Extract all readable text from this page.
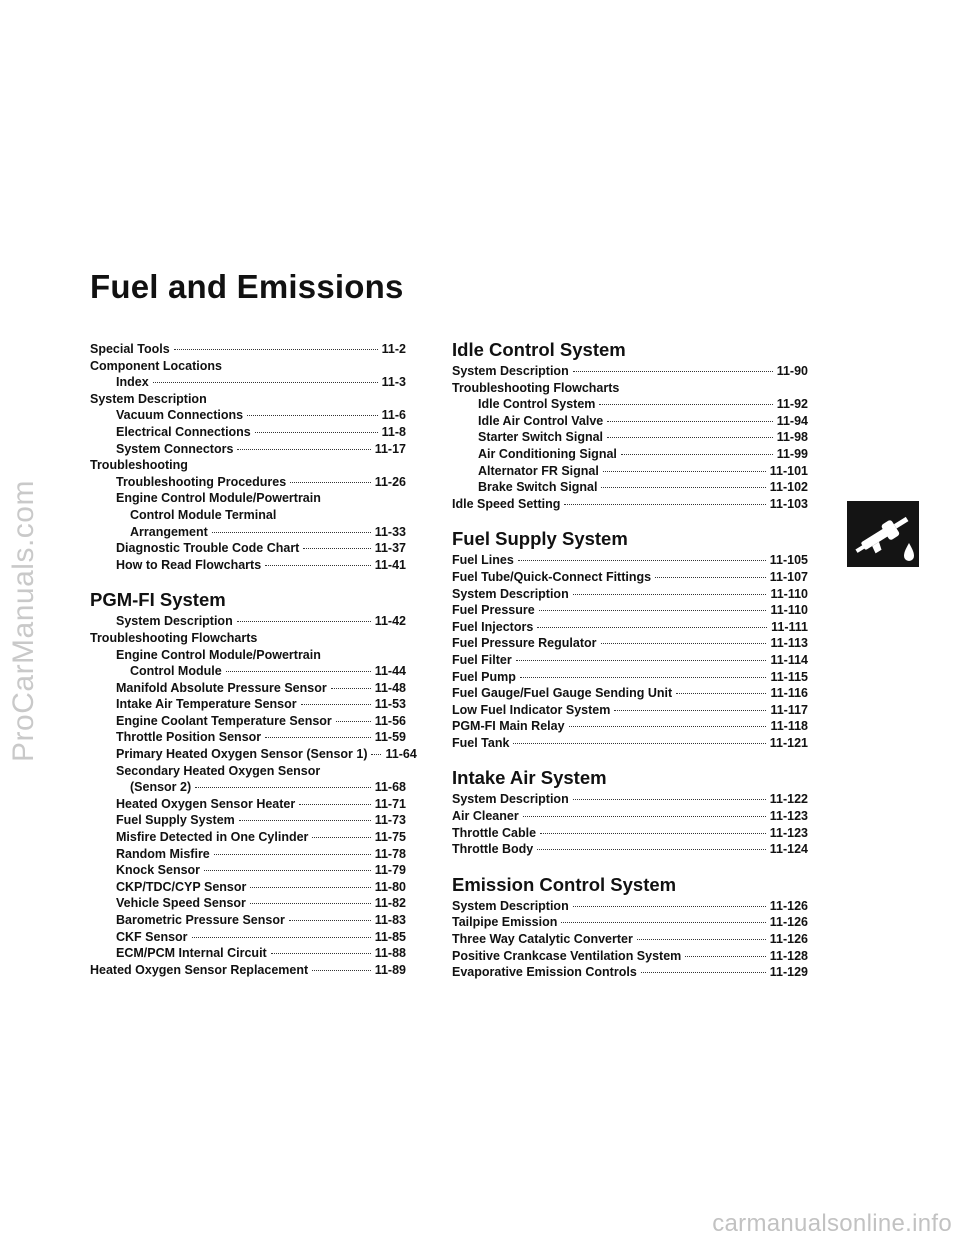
ProCarManuals.com
Fuel and Emissions
Special Tools	11-2
Component Locations
Index	11-3
System Description
Vacuum Connections	11-6
Electrical Connections	11-8
System Connectors	11-17
Troubleshooting
Troubleshooting Procedures	11-26
Engine Control Module/Powertrain
Control Module Terminal
Arrangement	11-33
Diagnostic Trouble Code Chart	11-37
How to Read Flowcharts	11-41
PGM-FI System
System Description	11-42
Troubleshooting Flowcharts
Engine Control Module/Powertrain
Control Module	11-44
Manifold Absolute Pressure Sensor	11-48
Intake Air Temperature Sensor	11-53
Engine Coolant Temperature Sensor	11-56
Throttle Position Sensor	11-59
Primary Heated Oxygen Sensor (Sensor 1) 11-64
Secondary Heated Oxygen Sensor
(Sensor 2)	11-68
Heated Oxygen Sensor Heater	11-71
Fuel Supply System	11-73
Misfire Detected in One Cylinder	11-75
Random Misfire	11-78
Knock Sensor	11-79
CKP/TDC/CYP Sensor	11-80
Vehicle Speed Sensor	11-82
Barometric Pressure Sensor	11-83
CKF Sensor	11-85
ECM/PCM Internal Circuit	11-88
Heated Oxygen Sensor Replacement	11-89
Idle Control System
System Description	11-90
Troubleshooting Flowcharts
Idle Control System	11-92
Idle Air Control Valve	11-94
Starter Switch Signal	11-98
Air Conditioning Signal	11-99
Alternator FR Signal	11-101
Brake Switch Signal	11-102
Idle Speed Setting	11-103
Fuel Supply System
Fuel Lines	11-105
Fuel Tube/Quick-Connect Fittings	11-107
System Description	11-110
Fuel Pressure	11-110
Fuel Injectors	11-111
Fuel Pressure Regulator	11-113
Fuel Filter	11-114
Fuel Pump	11-115
Fuel Gauge/Fuel Gauge Sending Unit	11-116
Low Fuel Indicator System	11-117
PGM-FI Main Relay	11-118
Fuel Tank	11-121
Intake Air System
System Description	11-122
Air Cleaner	11-123
Throttle Cable	11-123
Throttle Body	11-124
Emission Control System
System Description	11-126
Tailpipe Emission	11-126
Three Way Catalytic Converter	11-126
Positive Crankcase Ventilation System	11-128
Evaporative Emission Controls	11-129
carmanualsonline.info
